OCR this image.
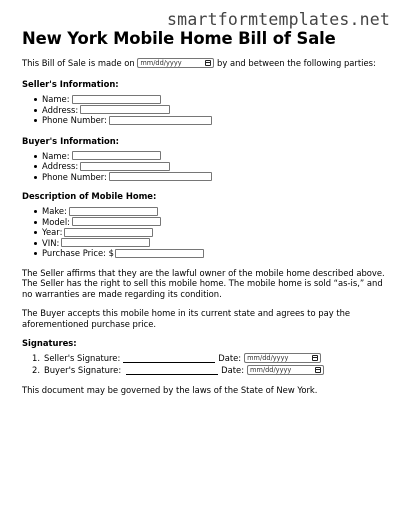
smartformtemplates.net
New York Mobile Home Bill of Sale
This Bill of Sale is made on mm/dd/yyyy	by and between the following parties:

Seller's Information:

Name:
Address:
Phone Number:

Buyer's Information:

Name:
Address:
Phone Number:

Description of Mobile Home:

Make:
Model:
Year:
VIN:
Purchase Price: $

The Seller affirms that they are the lawful owner of the mobile home described above. The Seller has the right to sell this mobile home. The mobile home is sold “as-is,” and no warranties are made regarding its condition.

The Buyer accepts this mobile home in its current state and agrees to pay the aforementioned purchase price.

Signatures:

1. Seller's Signature:	Date: mm/dd/yyyy
2. Buyer's Signature:	Date: mm/dd/yyyy

This document may be governed by the laws of the State of New York.
